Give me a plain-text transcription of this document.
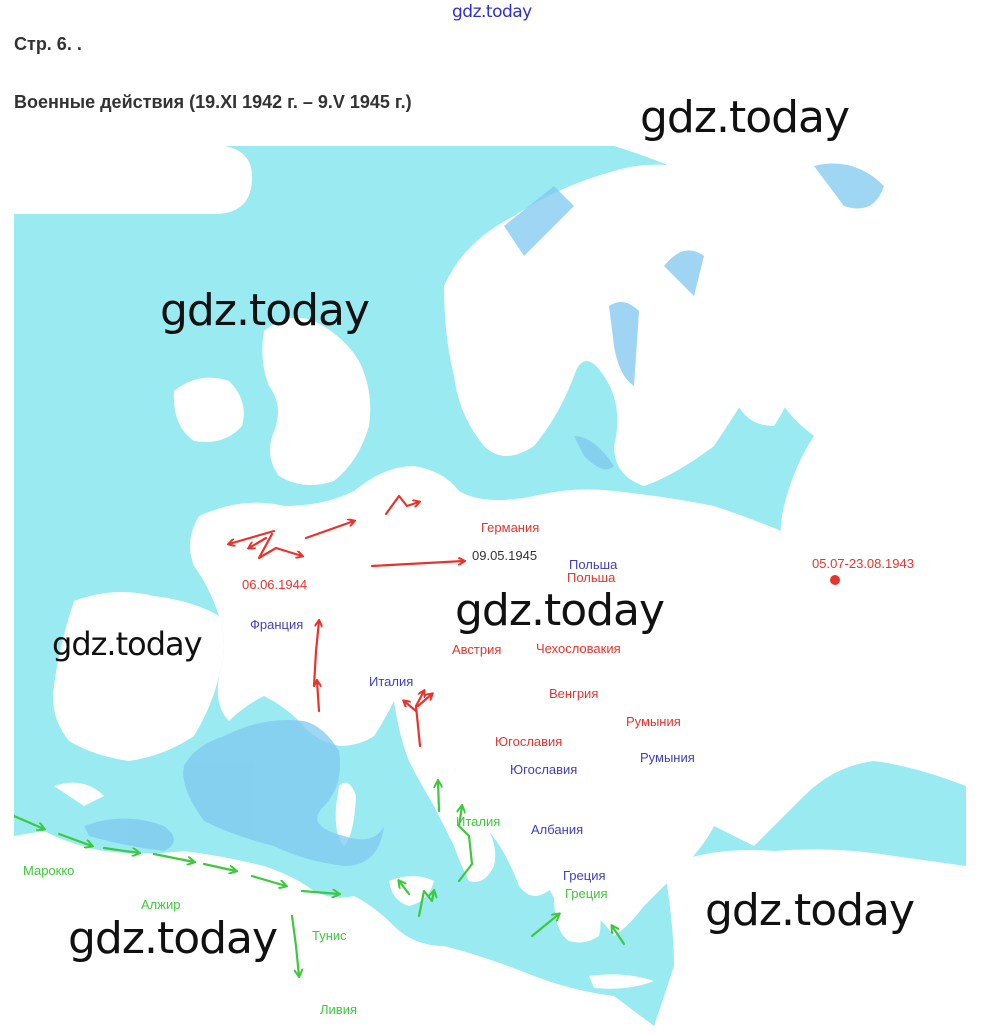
gdz.today
Стр. 6. .
Военные действия (19.XI 1942 г. – 9.V 1945 г.)
Германия
09.05.1945
Польша
Польша
05.07-23.08.1943
06.06.1944
Франция
Австрия	Чехословакия
Италия
Венгрия
Румыния
Югославия
Румыния
Югославия
Италия
Албания
Греция
Греция
Марокко
Алжир
Тунис
Ливия
gdz.today
gdz.today
gdz.today
gdz.today
gdz.today
gdz.today
